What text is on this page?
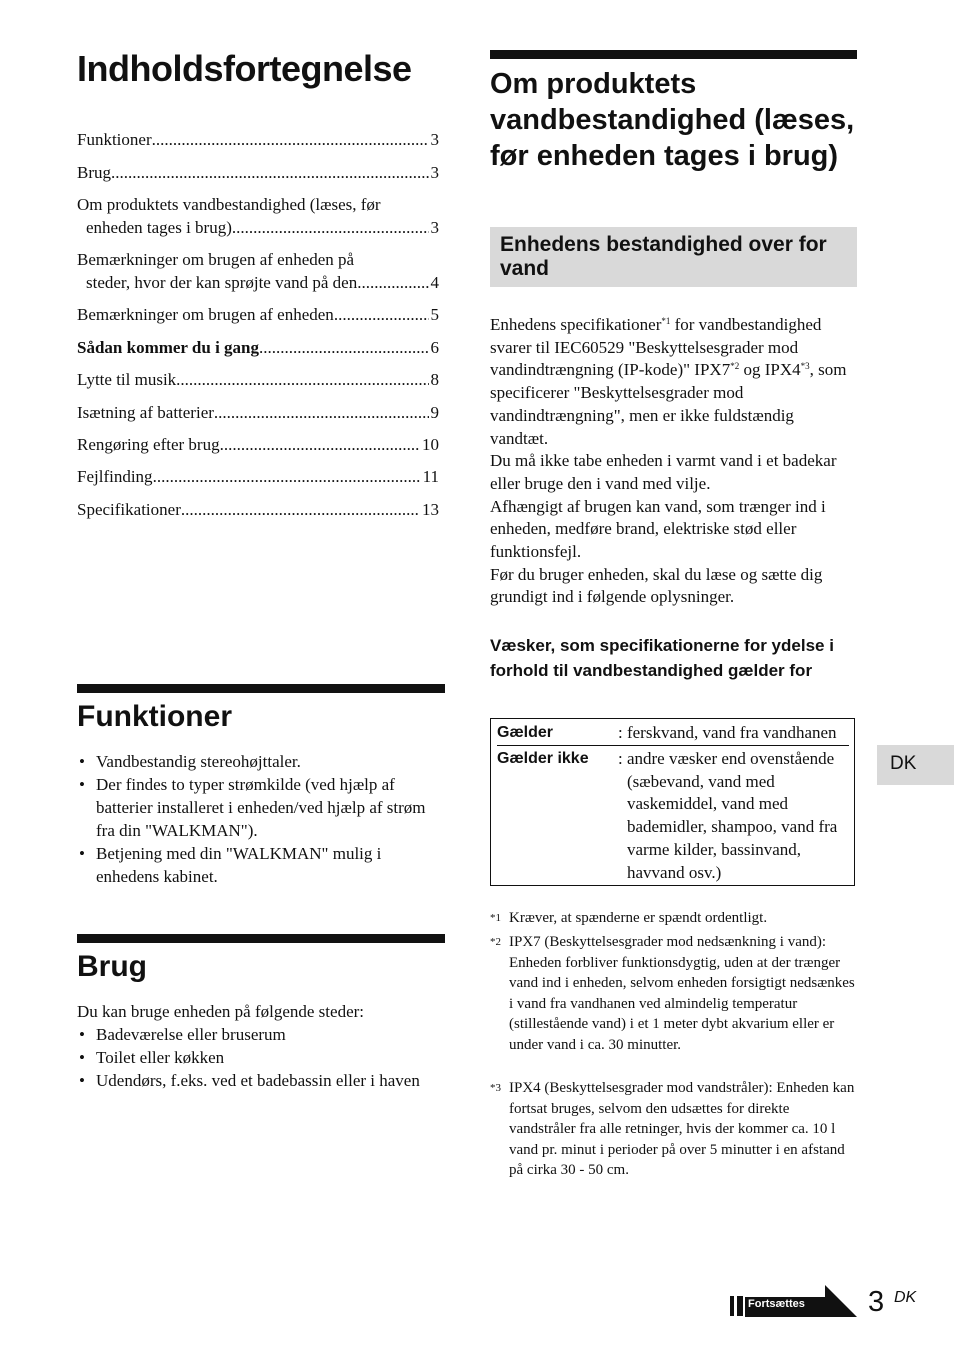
Indholdsfortegnelse
Funktioner .....	3
Brug .....	3
Om produktets vandbestandighed (læses, før
enheden tages i brug) .....	3
Bemærkninger om brugen af enheden på
steder, hvor der kan sprøjte vand på den .....	4
Bemærkninger om brugen af enheden .....	5
Sådan kommer du i gang .....	6
Lytte til musik .....	8
Isætning af batterier .....	9
Rengøring efter brug .....	10
Fejlfinding .....	11
Specifikationer .....	13
Funktioner
• Vandbestandig stereohøjttaler.
• Der findes to typer strømkilde (ved hjælp af batterier installeret i enheden/ved hjælp af strøm fra din "WALKMAN").
• Betjening med din "WALKMAN" mulig i enhedens kabinet.
Brug
Du kan bruge enheden på følgende steder:
• Badeværelse eller bruserum
• Toilet eller køkken
• Udendørs, f.eks. ved et badebassin eller i haven
Om produktets vandbestandighed (læses, før enheden tages i brug)
Enhedens bestandighed over for vand
Enhedens specifikationer$^{*1}$ for vandbestandighed svarer til IEC60529 "Beskyttelsesgrader mod vandindtrængning (IP-kode)" IPX7$^{*2}$ og IPX4$^{*3}$, som specificerer "Beskyttelsesgrader mod vandindtrængning", men er ikke fuldstændig vandtæt.
Du må ikke tabe enheden i varmt vand i et badekar eller bruge den i vand med vilje.
Afhængigt af brugen kan vand, som trænger ind i enheden, medføre brand, elektriske stød eller funktionsfejl.
Før du bruger enheden, skal du læse og sætte dig grundigt ind i følgende oplysninger.
Væsker, som specifikationerne for ydelse i forhold til vandbestandighed gælder for
Gælder	: ferskvand, vand fra vandhanen
Gælder ikke : andre væsker end ovenstående
(sæbevand, vand med vaskemiddel, vand med bademidler, shampoo, vand fra varme kilder, bassinvand, havvand osv.)
*1 Kræver, at spænderne er spændt ordentligt.
*2 IPX7 (Beskyttelsesgrader mod nedsænkning i vand): Enheden forbliver funktionsdygtig, uden at der trænger vand ind i enheden, selvom enheden forsigtigt nedsænkes i vand fra vandhanen ved almindelig temperatur (stillestående vand) i et 1 meter dybt akvarium eller er under vand i ca. 30 minutter.
*3 IPX4 (Beskyttelsesgrader mod vandstråler): Enheden kan fortsat bruges, selvom den udsættes for direkte vandstråler fra alle retninger, hvis der kommer ca. 10 l vand pr. minut i perioder på over 5 minutter i en afstand på cirka 30 - 50 cm.
DK
Fortsættes 3 DK
